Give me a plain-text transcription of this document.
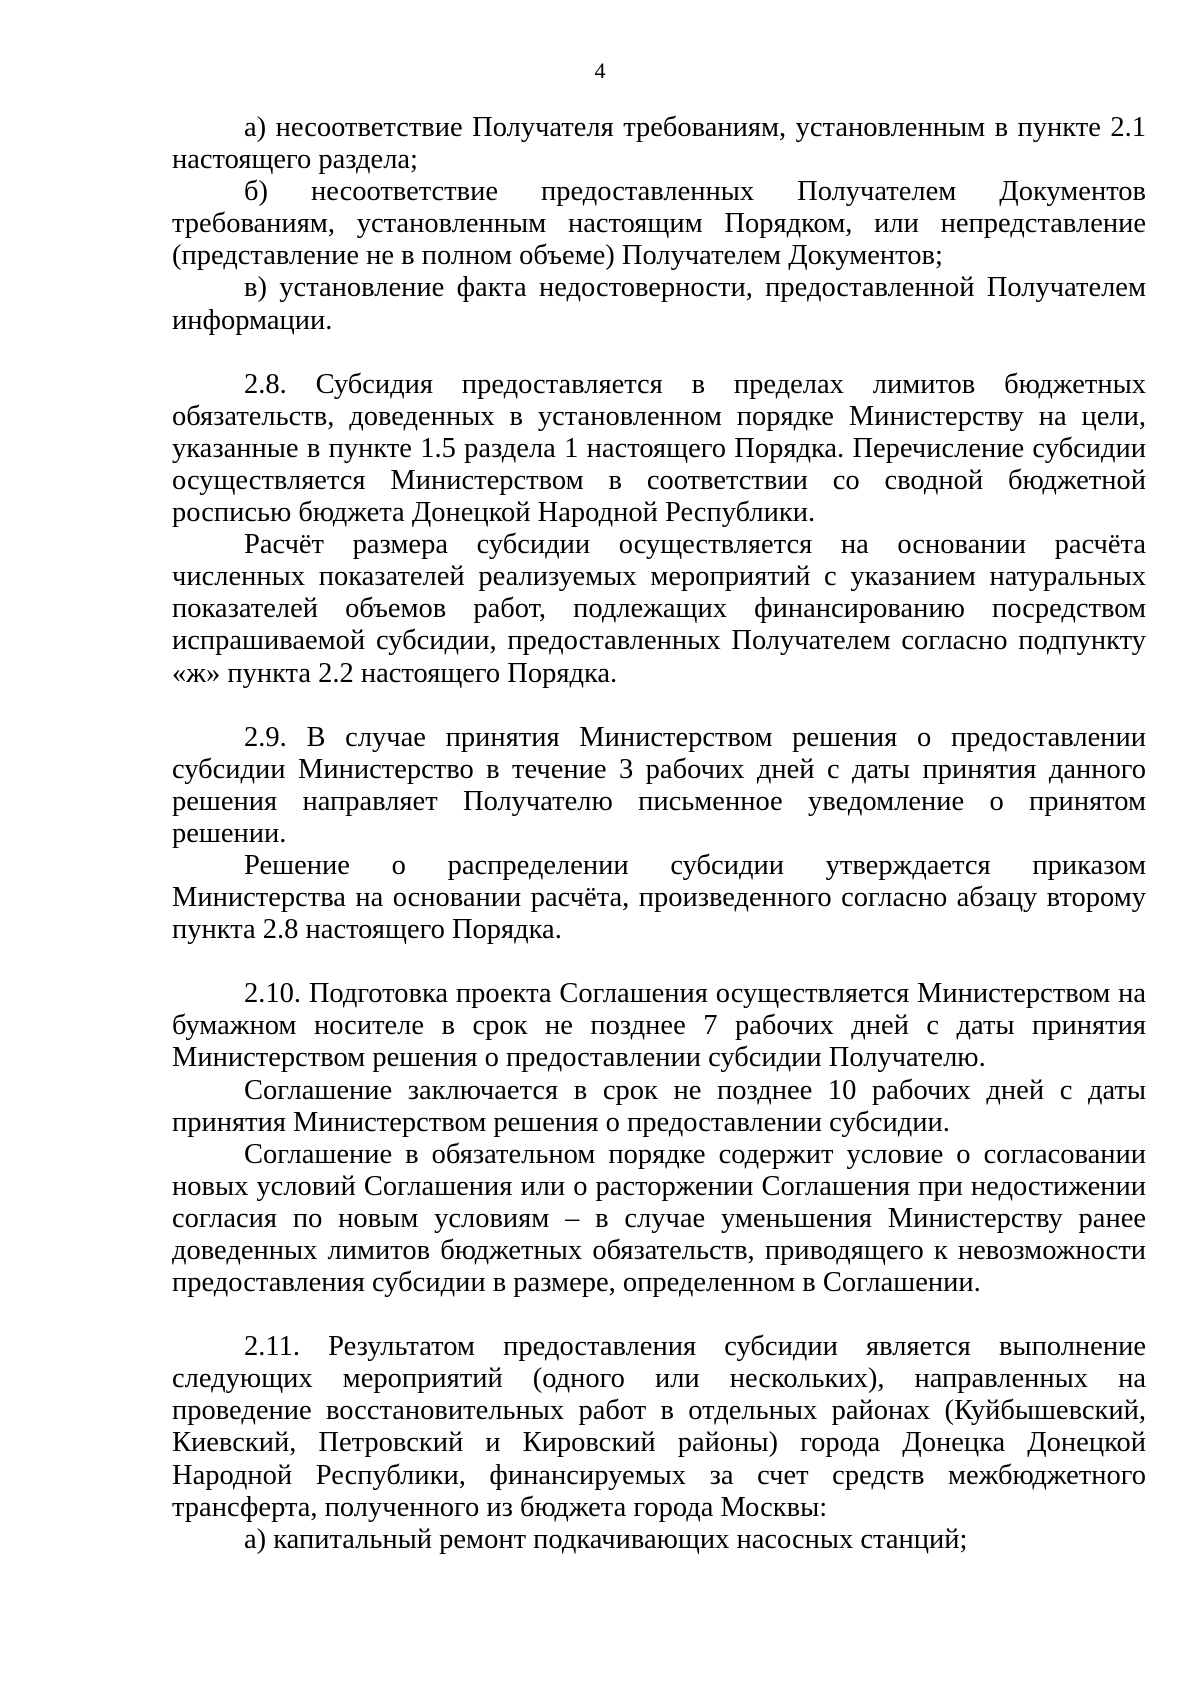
4

а) несоответствие Получателя требованиям, установленным в пункте 2.1 настоящего раздела;

б) несоответствие предоставленных Получателем Документов требованиям, установленным настоящим Порядком, или непредставление (представление не в полном объеме) Получателем Документов;

в) установление факта недостоверности, предоставленной Получателем информации.

2.8. Субсидия предоставляется в пределах лимитов бюджетных обязательств, доведенных в установленном порядке Министерству на цели, указанные в пункте 1.5 раздела 1 настоящего Порядка. Перечисление субсидии осуществляется Министерством в соответствии со сводной бюджетной росписью бюджета Донецкой Народной Республики.

Расчёт размера субсидии осуществляется на основании расчёта численных показателей реализуемых мероприятий с указанием натуральных показателей объемов работ, подлежащих финансированию посредством испрашиваемой субсидии, предоставленных Получателем согласно подпункту «ж» пункта 2.2 настоящего Порядка.

2.9. В случае принятия Министерством решения о предоставлении субсидии Министерство в течение 3 рабочих дней с даты принятия данного решения направляет Получателю письменное уведомление о принятом решении.

Решение о распределении субсидии утверждается приказом Министерства на основании расчёта, произведенного согласно абзацу второму пункта 2.8 настоящего Порядка.

2.10. Подготовка проекта Соглашения осуществляется Министерством на бумажном носителе в срок не позднее 7 рабочих дней с даты принятия Министерством решения о предоставлении субсидии Получателю.

Соглашение заключается в срок не позднее 10 рабочих дней с даты принятия Министерством решения о предоставлении субсидии.

Соглашение в обязательном порядке содержит условие о согласовании новых условий Соглашения или о расторжении Соглашения при недостижении согласия по новым условиям – в случае уменьшения Министерству ранее доведенных лимитов бюджетных обязательств, приводящего к невозможности предоставления субсидии в размере, определенном в Соглашении.

2.11. Результатом предоставления субсидии является выполнение следующих мероприятий (одного или нескольких), направленных на проведение восстановительных работ в отдельных районах (Куйбышевский, Киевский, Петровский и Кировский районы) города Донецка Донецкой Народной Республики, финансируемых за счет средств межбюджетного трансферта, полученного из бюджета города Москвы:

а) капитальный ремонт подкачивающих насосных станций;
